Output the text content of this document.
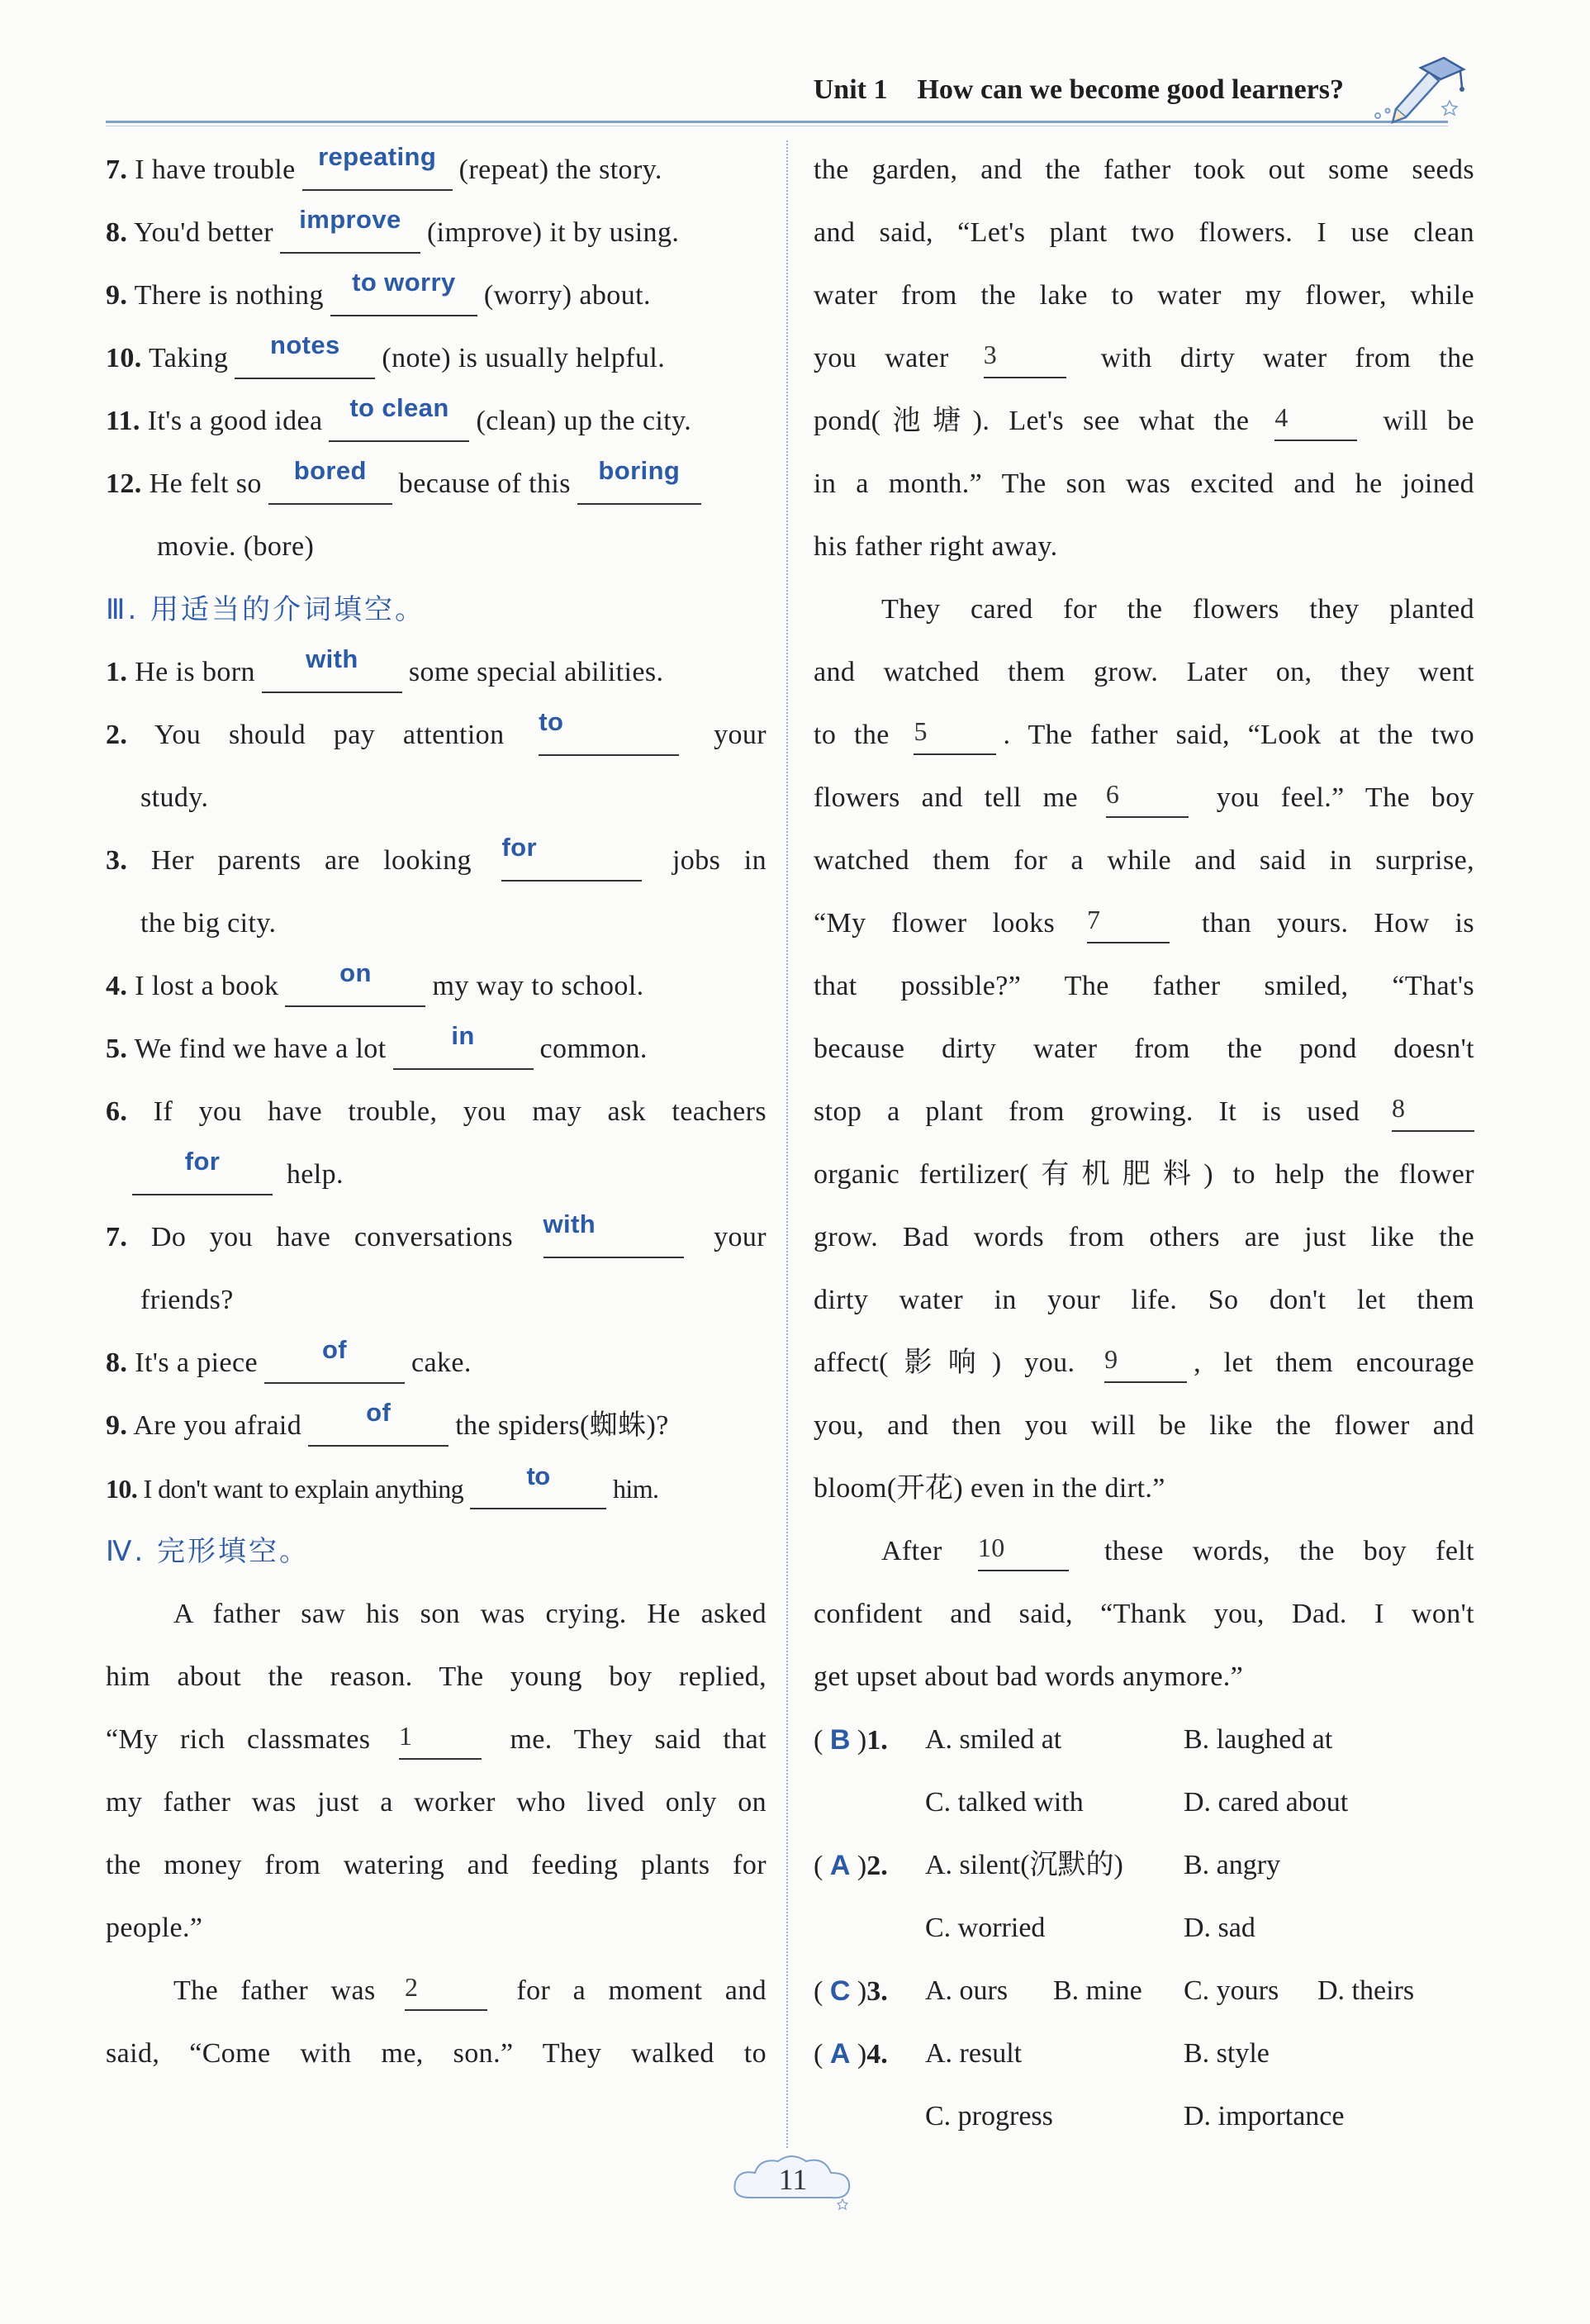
Unit 1 How can we become good learners?
7. I have trouble repeating (repeat) the story.
8. You'd better improve (improve) it by using.
9. There is nothing to worry (worry) about.
10. Taking notes (note) is usually helpful.
11. It's a good idea to clean (clean) up the city.
12. He felt so bored because of this boring
movie. (bore)
Ⅲ. 用适当的介词填空。
1. He is born with some special abilities.
2. You should pay attention to	your
study.
3. Her parents are looking for	jobs in
the big city.
4. I lost a book on my way to school.
5. We find we have a lot	in common.
6. If you have trouble, you may ask teachers
for help.
7. Do you have conversations with	your
friends?
8. It's a piece	of cake.
9. Are you afraid	of the spiders(蜘蛛)?
10. I don't want to explain anything to him.
Ⅳ. 完形填空。
A father saw his son was crying. He asked
him about the reason. The young boy replied,
“My rich classmates 1	me. They said that
my father was just a worker who lived only on
the money from watering and feeding plants for
people.”
The father was 2	for a moment and
said, “Come with me, son.” They walked to
the garden, and the father took out some seeds
and said, “Let's plant two flowers. I use clean
water from the lake to water my flower, while
you water 3	with dirty water from the
pond(池塘). Let's see what the 4	will be
in a month.” The son was excited and he joined
his father right away.
They cared for the flowers they planted
and watched them grow. Later on, they went
to the 5	. The father said, “Look at the two
flowers and tell me 6	you feel.” The boy
watched them for a while and said in surprise,
“My flower looks 7	than yours. How is
that possible?” The father smiled, “That's
because dirty water from the pond doesn't
stop a plant from growing. It is used 8
organic fertilizer(有机肥料) to help the flower
grow. Bad words from others are just like the
dirty water in your life. So don't let them
affect(影响) you. 9	, let them encourage
you, and then you will be like the flower and
bloom(开花) even in the dirt.”
After 10	these words, the boy felt
confident and said, “Thank you, Dad. I won't
get upset about bad words anymore.”
( B )1. A. smiled at	B. laughed at
C. talked with	D. cared about
( A )2. A. silent(沉默的) B. angry
C. worried	D. sad
( C )3. A. ours B. mine C. yours D. theirs
( A )4. A. result	B. style
C. progress	D. importance
11
